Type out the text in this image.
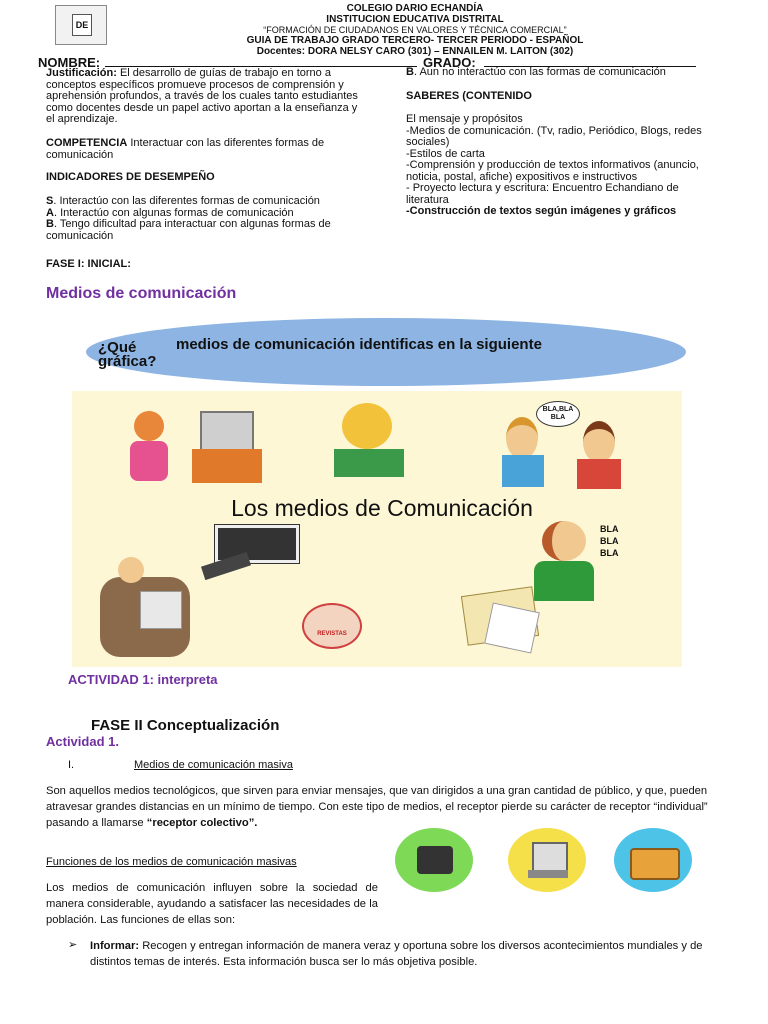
DE
COLEGIO DARIO ECHANDÍA
INSTITUCION EDUCATIVA DISTRITAL
“FORMACIÓN DE CIUDADANOS EN VALORES Y TÉCNICA COMERCIAL”
GUIA DE TRABAJO GRADO TERCERO- TERCER PERIODO - ESPAÑOL
Docentes: DORA NELSY CARO (301) – ENNAILEN M. LAITON (302)
NOMBRE:	GRADO:

Justificación: El desarrollo de guías de trabajo en torno a conceptos específicos promueve procesos de comprensión y aprehensión profundos, a través de los cuales tanto estudiantes como docentes desde un papel activo aportan a la enseñanza y el aprendizaje.

COMPETENCIA Interactuar con las diferentes formas de comunicación

INDICADORES DE DESEMPEÑO

S. Interactúo con las diferentes formas de comunicación

A. Interactúo con algunas formas de comunicación

B. Tengo dificultad para interactuar con algunas formas de comunicación

B. Aun no interactúo con las formas de comunicación

SABERES (CONTENIDO

El mensaje y propósitos

-Medios de comunicación. (Tv, radio, Periódico, Blogs, redes sociales)

-Estilos de carta

-Comprensión y producción de textos informativos (anuncio, noticia, postal, afiche) expositivos e instructivos

- Proyecto lectura y escritura: Encuentro Echandiano de literatura

-Construcción de textos según imágenes y gráficos

FASE I: INICIAL:
Medios de comunicación
¿Qué	medios de comunicación identificas en la siguiente
gráfica?
BLA,BLA
BLA
Los medios de Comunicación
REVISTAS
BLA
BLA
BLA
ACTIVIDAD 1: interpreta
FASE II Conceptualización
Actividad 1.
I.	Medios de comunicación masiva
Son aquellos medios tecnológicos, que sirven para enviar mensajes, que van dirigidos a una gran cantidad de público, y que, pueden atravesar grandes distancias en un mínimo de tiempo. Con este tipo de medios, el receptor pierde su carácter de receptor “individual” pasando a llamarse “receptor colectivo”.
Funciones de los medios de comunicación masivas
Los medios de comunicación influyen sobre la sociedad de manera considerable, ayudando a satisfacer las necesidades de la población. Las funciones de ellas son:
➢ Informar: Recogen y entregan información de manera veraz y oportuna sobre los diversos acontecimientos mundiales y de distintos temas de interés. Esta información busca ser lo más objetiva posible.
